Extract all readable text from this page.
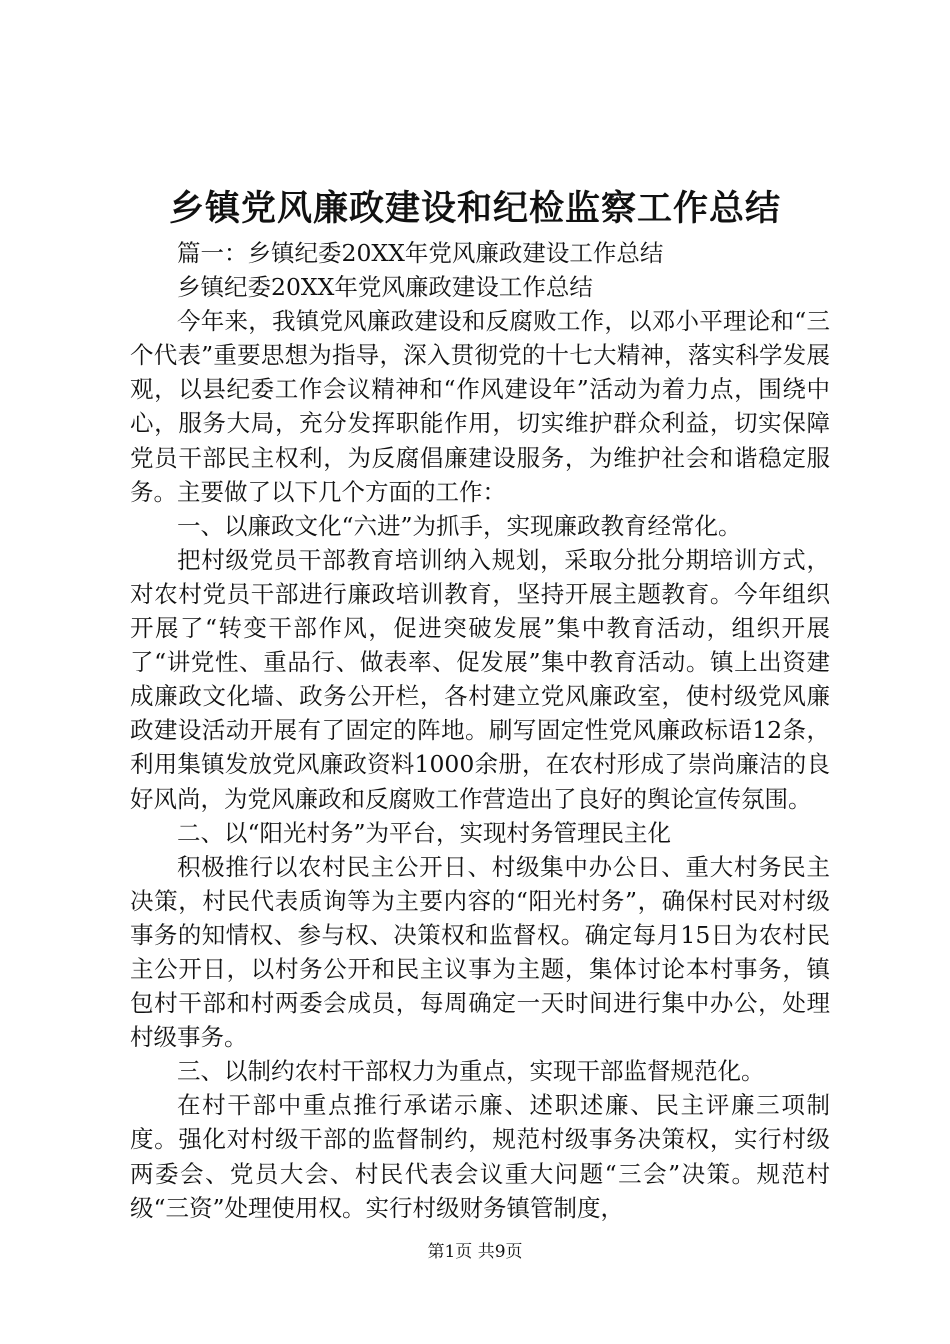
乡镇党风廉政建设和纪检监察工作总结

篇一：乡镇纪委20XX年党风廉政建设工作总结

乡镇纪委20XX年党风廉政建设工作总结

今年来，我镇党风廉政建设和反腐败工作，以邓小平理论和“三个代表”重要思想为指导，深入贯彻党的十七大精神，落实科学发展观，以县纪委工作会议精神和“作风建设年”活动为着力点，围绕中心，服务大局，充分发挥职能作用，切实维护群众利益，切实保障党员干部民主权利，为反腐倡廉建设服务，为维护社会和谐稳定服务。主要做了以下几个方面的工作：

一、以廉政文化“六进”为抓手，实现廉政教育经常化。

把村级党员干部教育培训纳入规划，采取分批分期培训方式，对农村党员干部进行廉政培训教育，坚持开展主题教育。今年组织开展了“转变干部作风，促进突破发展”集中教育活动，组织开展了“讲党性、重品行、做表率、促发展”集中教育活动。镇上出资建成廉政文化墙、政务公开栏，各村建立党风廉政室，使村级党风廉政建设活动开展有了固定的阵地。刷写固定性党风廉政标语12条，利用集镇发放党风廉政资料1000余册，在农村形成了崇尚廉洁的良好风尚，为党风廉政和反腐败工作营造出了良好的舆论宣传氛围。

二、以“阳光村务”为平台，实现村务管理民主化

积极推行以农村民主公开日、村级集中办公日、重大村务民主决策，村民代表质询等为主要内容的“阳光村务”，确保村民对村级事务的知情权、参与权、决策权和监督权。确定每月15日为农村民主公开日，以村务公开和民主议事为主题，集体讨论本村事务，镇包村干部和村两委会成员，每周确定一天时间进行集中办公，处理村级事务。

三、以制约农村干部权力为重点，实现干部监督规范化。

在村干部中重点推行承诺示廉、述职述廉、民主评廉三项制度。强化对村级干部的监督制约，规范村级事务决策权，实行村级两委会、党员大会、村民代表会议重大问题“三会”决策。规范村级“三资”处理使用权。实行村级财务镇管制度，

第1页 共9页
